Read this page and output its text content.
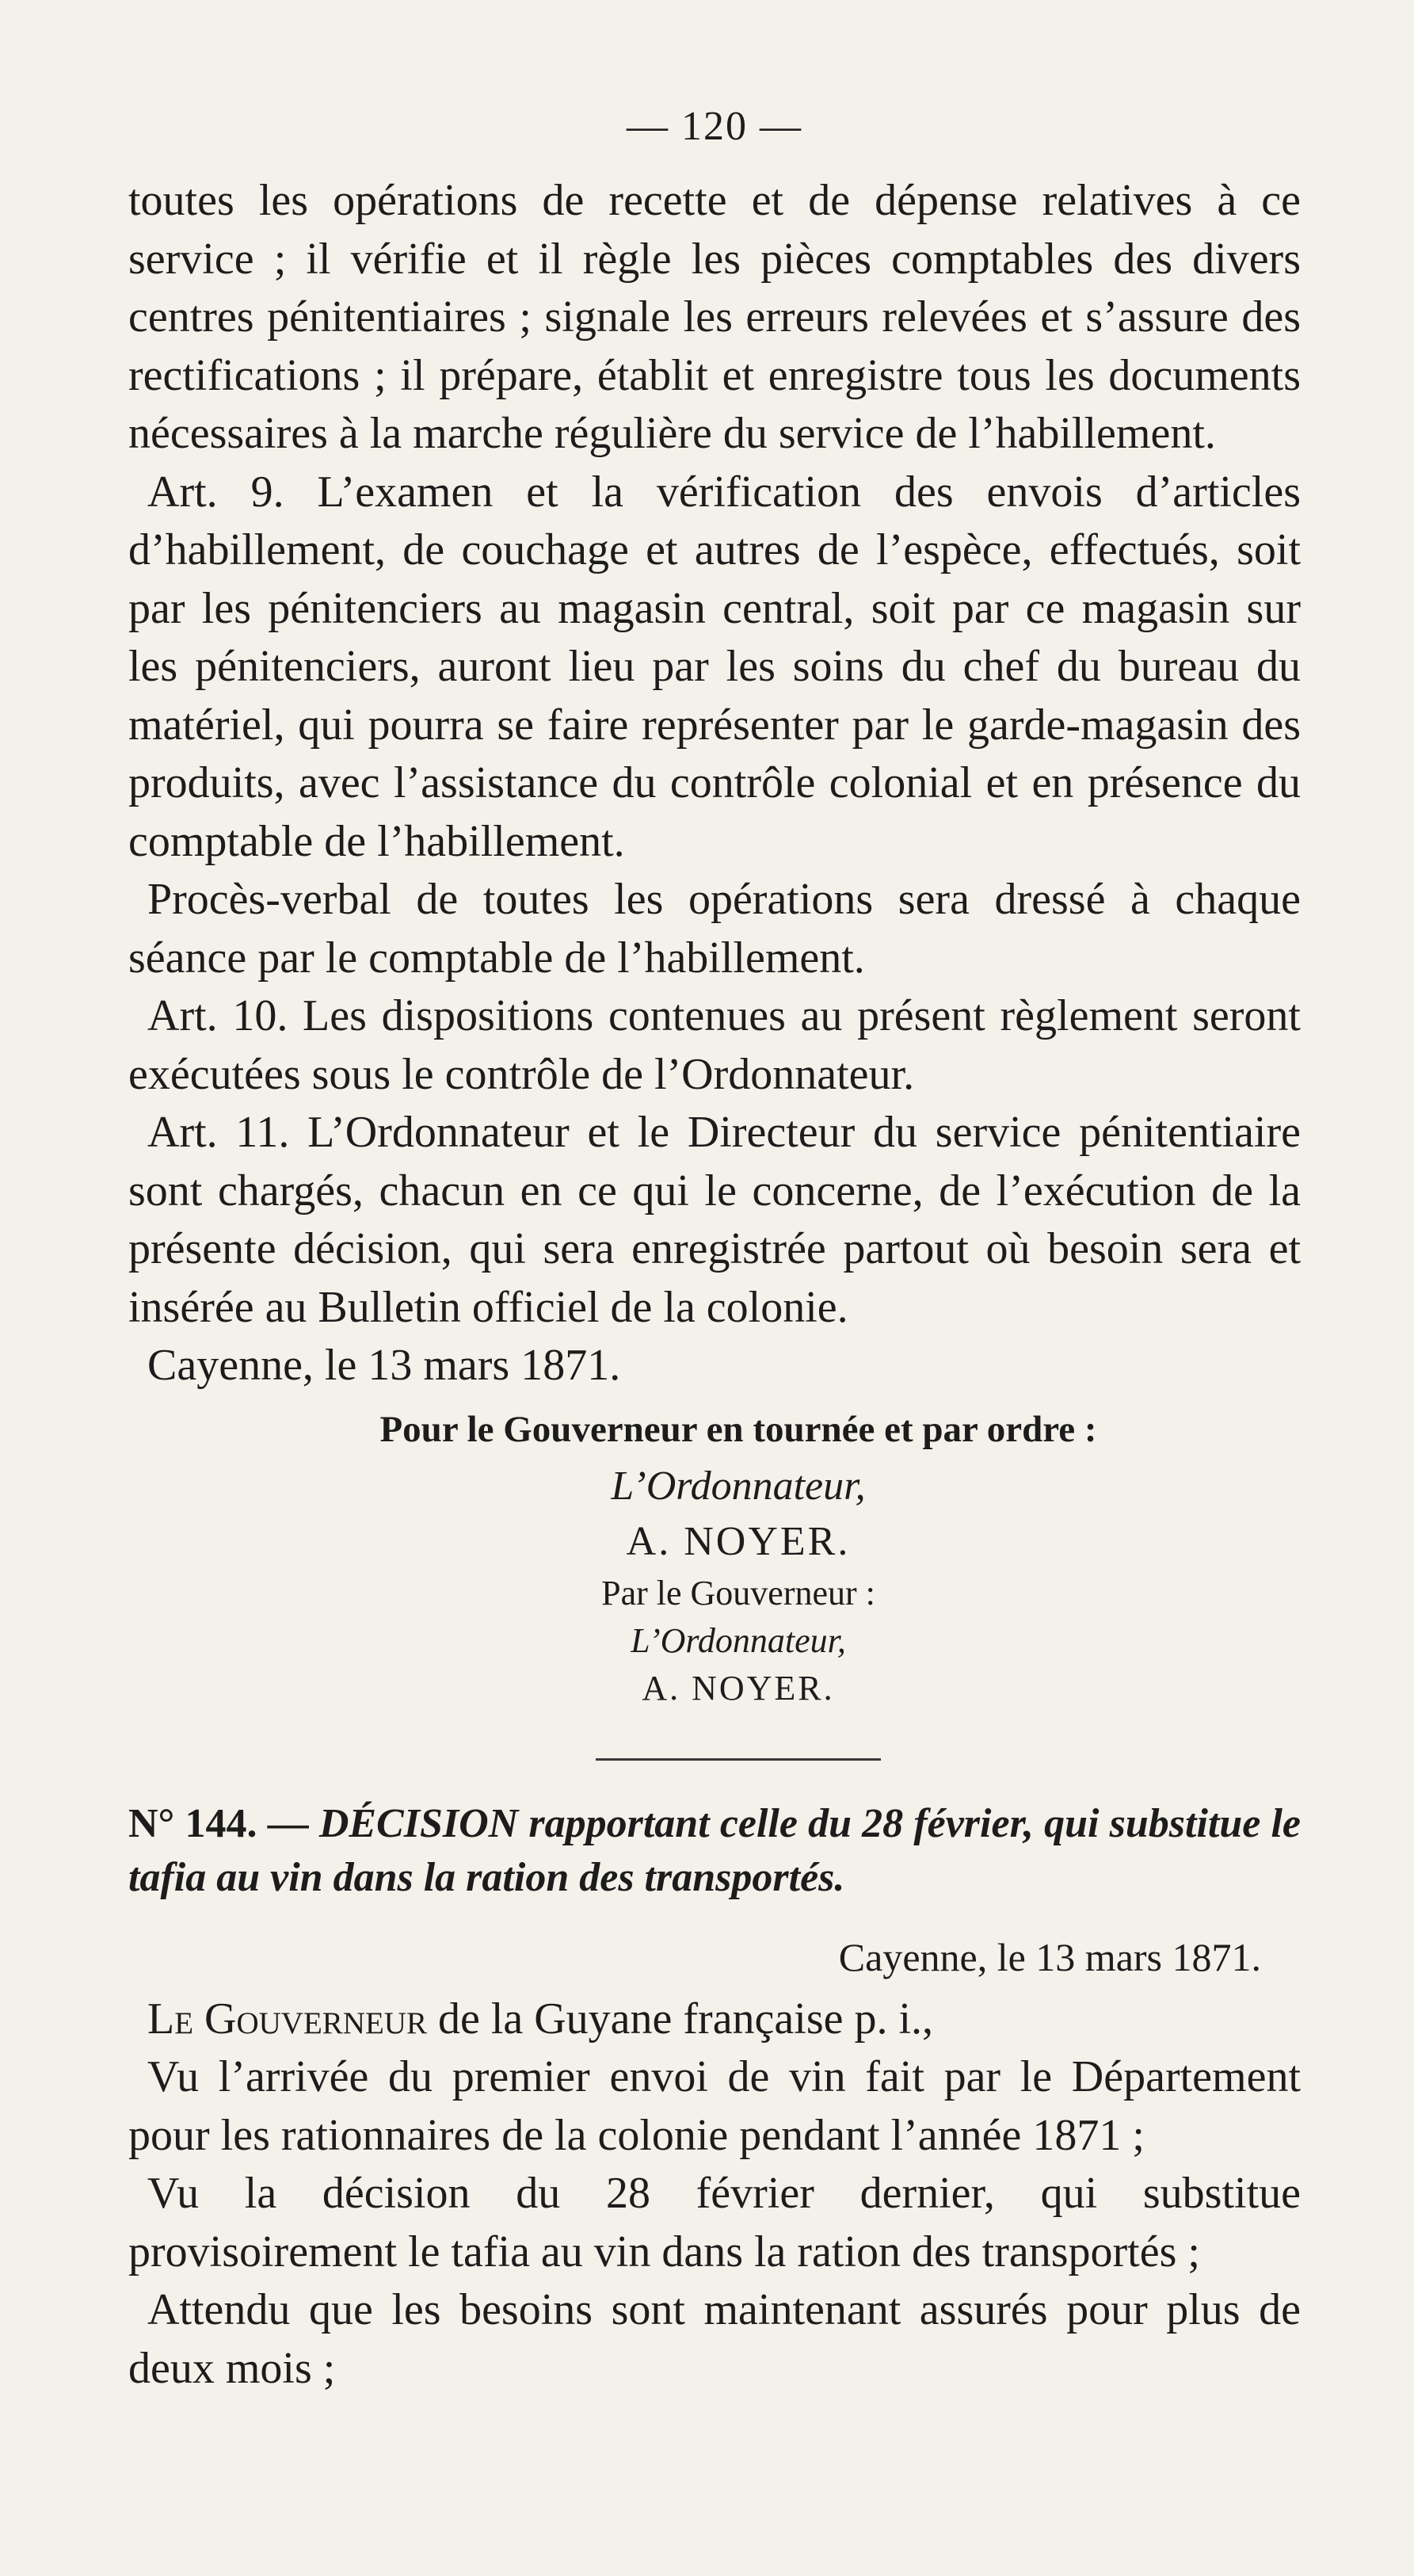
— 120 —

toutes les opérations de recette et de dépense relatives à ce service ; il vérifie et il règle les pièces comptables des divers centres pénitentiaires ; signale les erreurs relevées et s’assure des rectifications ; il prépare, établit et enregistre tous les documents nécessaires à la marche régulière du service de l’habillement.

Art. 9. L’examen et la vérification des envois d’articles d’habillement, de couchage et autres de l’espèce, effectués, soit par les pénitenciers au magasin central, soit par ce magasin sur les pénitenciers, auront lieu par les soins du chef du bureau du matériel, qui pourra se faire représenter par le garde-magasin des produits, avec l’assistance du contrôle colonial et en présence du comptable de l’habillement.

Procès-verbal de toutes les opérations sera dressé à chaque séance par le comptable de l’habillement.

Art. 10. Les dispositions contenues au présent règlement seront exécutées sous le contrôle de l’Ordonnateur.

Art. 11. L’Ordonnateur et le Directeur du service pénitentiaire sont chargés, chacun en ce qui le concerne, de l’exécution de la présente décision, qui sera enregistrée partout où besoin sera et insérée au Bulletin officiel de la colonie.

Cayenne, le 13 mars 1871.

Pour le Gouverneur en tournée et par ordre :

L’Ordonnateur,

A. NOYER.

Par le Gouverneur :

L’Ordonnateur,

A. NOYER.

N° 144. — DÉCISION rapportant celle du 28 février, qui substitue le tafia au vin dans la ration des transportés.

Cayenne, le 13 mars 1871.

Le Gouverneur de la Guyane française p. i.,

Vu l’arrivée du premier envoi de vin fait par le Département pour les rationnaires de la colonie pendant l’année 1871 ;

Vu la décision du 28 février dernier, qui substitue provisoirement le tafia au vin dans la ration des transportés ;

Attendu que les besoins sont maintenant assurés pour plus de deux mois ;
